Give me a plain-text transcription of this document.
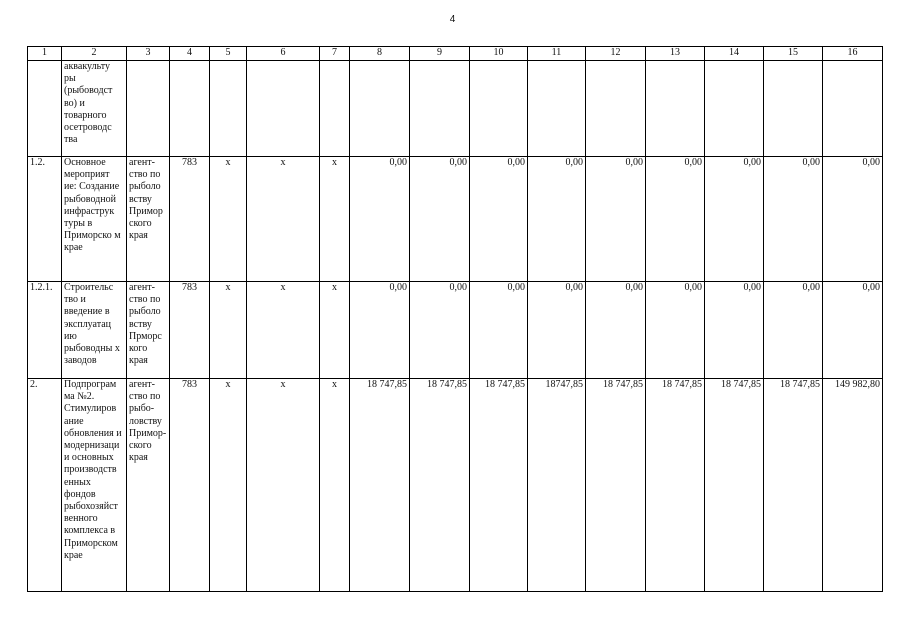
4
1	2	3	4	5	6	7	8	9	10	11	12	13	14	15	16
	аквакульту ры (рыбоводст во) и товарного осетроводс тва														
1.2.	Основное мероприят ие: Создание рыбоводной инфраструк туры в Приморско м крае	агент- ство по рыболо вству Примор ского края	783	х	х	х	0,00	0,00	0,00	0,00	0,00	0,00	0,00	0,00	0,00
1.2.1.	Строительс тво и введение в эксплуатац ию рыбоводны х заводов	агент- ство по рыболо вству Прморс кого края	783	х	х	х	0,00	0,00	0,00	0,00	0,00	0,00	0,00	0,00	0,00
2.	Подпрограм ма №2. Стимулиров ание обновления и модернизаци и основных производств енных фондов рыбохозяйст венного комплекса в Приморском крае	агент- ство по рыбо- ловству Примор- ского края	783	х	х	х	18 747,85	18 747,85	18 747,85	18747,85	18 747,85	18 747,85	18 747,85	18 747,85	149 982,80
